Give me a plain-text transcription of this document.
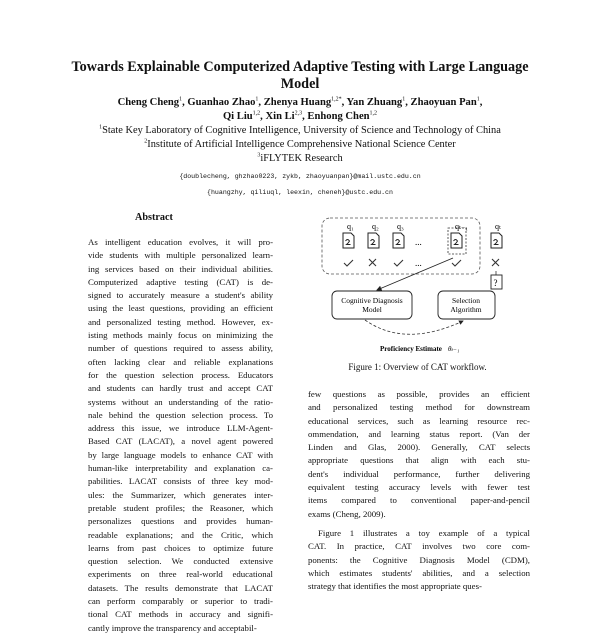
Towards Explainable Computerized Adaptive Testing with Large Language
Model
Cheng Cheng$^1$, Guanhao Zhao$^1$, Zhenya Huang$^{1,2*}$, Yan Zhuang$^1$, Zhaoyuan Pan$^1$,
Qi Liu$^{1,2}$, Xin Li$^{2,3}$, Enhong Chen$^{1,2}$
$^1$State Key Laboratory of Cognitive Intelligence, University of Science and Technology of China
$^2$Institute of Artificial Intelligence Comprehensive National Science Center
$^3$iFLYTEK Research
{doublecheng, ghzhao0223, zykb, zhaoyuanpan}@mail.ustc.edu.cn
{huangzhy, qiliuql, leexin, cheneh}@ustc.edu.cn
Abstract
As intelligent education evolves, it will pro-
vide students with multiple personalized learn-
ing services based on their individual abilities.
Computerized adaptive testing (CAT) is de-
signed to accurately measure a student's ability
using the least questions, providing an efficient
and personalized testing method. However, ex-
isting methods mainly focus on minimizing the
number of questions required to assess ability,
often lacking clear and reliable explanations
for the question selection process. Educators
and students can hardly trust and accept CAT
systems without an understanding of the ratio-
nale behind the question selection process. To
address this issue, we introduce LLM-Agent-
Based CAT (LACAT), a novel agent powered
by large language models to enhance CAT with
human-like interpretability and explanation ca-
pabilities. LACAT consists of three key mod-
ules: the Summarizer, which generates inter-
pretable student profiles; the Reasoner, which
personalizes questions and provides human-
readable explanations; and the Critic, which
learns from past choices to optimize future
question selection. We conducted extensive
experiments on three real-world educational
datasets. The results demonstrate that LACAT
can perform comparably or superior to tradi-
tional CAT methods in accuracy and signifi-
cantly improve the transparency and acceptabil-
q₁ q₂ q₃	qₜ₋₁	qₜ
...
...
?
Cognitive Diagnosis
Model
Selection
Algorithm
Proficiency Estimate θₜ₋₁
Figure 1: Overview of CAT workflow.
few questions as possible, provides an efficient
and personalized testing method for downstream
educational services, such as learning resource rec-
ommendation, and learning status report. (Van der
Linden and Glas, 2000). Generally, CAT selects
appropriate questions that align with each stu-
dent's individual performance, further delivering
equivalent testing accuracy levels with fewer test
items compared to conventional paper-and-pencil
exams (Cheng, 2009).
Figure 1 illustrates a toy example of a typical
CAT. In practice, CAT involves two core com-
ponents: the Cognitive Diagnosis Model (CDM),
which estimates students' abilities, and a selection
strategy that identifies the most appropriate ques-
